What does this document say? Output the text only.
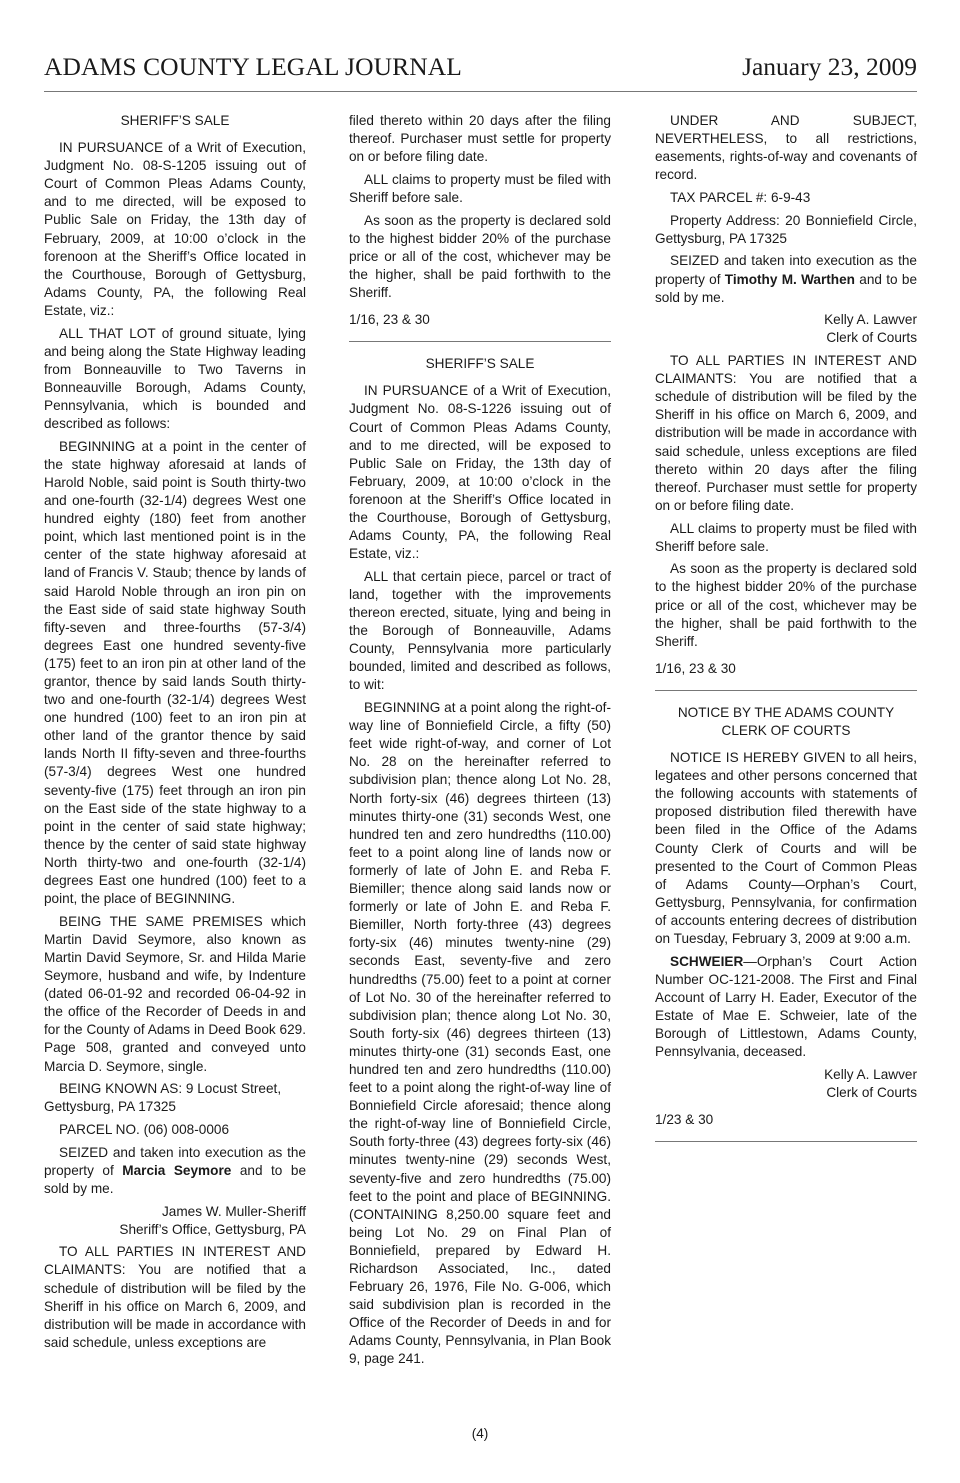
ADAMS COUNTY LEGAL JOURNAL	January 23, 2009
SHERIFF’S SALE

IN PURSUANCE of a Writ of Execution, Judgment No. 08-S-1205 issuing out of Court of Common Pleas Adams County, and to me directed, will be exposed to Public Sale on Friday, the 13th day of February, 2009, at 10:00 o’clock in the forenoon at the Sheriff’s Office located in the Courthouse, Borough of Gettysburg, Adams County, PA, the following Real Estate, viz.:

ALL THAT LOT of ground situate, lying and being along the State Highway leading from Bonneauville to Two Taverns in Bonneauville Borough, Adams County, Pennsylvania, which is bounded and described as follows:

BEGINNING at a point in the center of the state highway aforesaid at lands of Harold Noble, said point is South thirty-two and one-fourth (32-1/4) degrees West one hundred eighty (180) feet from another point, which last mentioned point is in the center of the state highway aforesaid at land of Francis V. Staub; thence by lands of said Harold Noble through an iron pin on the East side of said state highway South fifty-seven and three-fourths (57-3/4) degrees East one hundred seventy-five (175) feet to an iron pin at other land of the grantor, thence by said lands South thirty-two and one-fourth (32-1/4) degrees West one hundred (100) feet to an iron pin at other land of the grantor thence by said lands North II fifty-seven and three-fourths (57-3/4) degrees West one hundred seventy-five (175) feet through an iron pin on the East side of the state highway to a point in the center of said state highway; thence by the center of said state highway North thirty-two and one-fourth (32-1/4) degrees East one hundred (100) feet to a point, the place of BEGINNING.

BEING THE SAME PREMISES which Martin David Seymore, also known as Martin David Seymore, Sr. and Hilda Marie Seymore, husband and wife, by Indenture (dated 06-01-92 and recorded 06-04-92 in the office of the Recorder of Deeds in and for the County of Adams in Deed Book 629. Page 508, granted and conveyed unto Marcia D. Seymore, single.

BEING KNOWN AS: 9 Locust Street, Gettysburg, PA 17325

PARCEL NO. (06) 008-0006

SEIZED and taken into execution as the property of Marcia Seymore and to be sold by me.

James W. Muller-Sheriff
Sheriff’s Office, Gettysburg, PA

TO ALL PARTIES IN INTEREST AND CLAIMANTS: You are notified that a schedule of distribution will be filed by the Sheriff in his office on March 6, 2009, and distribution will be made in accordance with said schedule, unless exceptions are

filed thereto within 20 days after the filing thereof. Purchaser must settle for property on or before filing date.

ALL claims to property must be filed with Sheriff before sale.

As soon as the property is declared sold to the highest bidder 20% of the purchase price or all of the cost, whichever may be the higher, shall be paid forthwith to the Sheriff.

1/16, 23 & 30
SHERIFF’S SALE

IN PURSUANCE of a Writ of Execution, Judgment No. 08-S-1226 issuing out of Court of Common Pleas Adams County, and to me directed, will be exposed to Public Sale on Friday, the 13th day of February, 2009, at 10:00 o’clock in the forenoon at the Sheriff’s Office located in the Courthouse, Borough of Gettysburg, Adams County, PA, the following Real Estate, viz.:

ALL that certain piece, parcel or tract of land, together with the improvements thereon erected, situate, lying and being in the Borough of Bonneauville, Adams County, Pennsylvania more particularly bounded, limited and described as follows, to wit:

BEGINNING at a point along the right-of-way line of Bonniefield Circle, a fifty (50) feet wide right-of-way, and corner of Lot No. 28 on the hereinafter referred to subdivision plan; thence along Lot No. 28, North forty-six (46) degrees thirteen (13) minutes thirty-one (31) seconds West, one hundred ten and zero hundredths (110.00) feet to a point along line of lands now or formerly of late of John E. and Reba F. Biemiller; thence along said lands now or formerly or late of John E. and Reba F. Biemiller, North forty-three (43) degrees forty-six (46) minutes twenty-nine (29) seconds East, seventy-five and zero hundredths (75.00) feet to a point at corner of Lot No. 30 of the hereinafter referred to subdivision plan; thence along Lot No. 30, South forty-six (46) degrees thirteen (13) minutes thirty-one (31) seconds East, one hundred ten and zero hundredths (110.00) feet to a point along the right-of-way line of Bonniefield Circle aforesaid; thence along the right-of-way line of Bonniefield Circle, South forty-three (43) degrees forty-six (46) minutes twenty-nine (29) seconds West, seventy-five and zero hundredths (75.00) feet to the point and place of BEGINNING. (CONTAINING 8,250.00 square feet and being Lot No. 29 on Final Plan of Bonniefield, prepared by Edward H. Richardson Associated, Inc., dated February 26, 1976, File No. G-006, which said subdivision plan is recorded in the Office of the Recorder of Deeds in and for Adams County, Pennsylvania, in Plan Book 9, page 241.

UNDER AND SUBJECT, NEVERTHELESS, to all restrictions, easements, rights-of-way and covenants of record.

TAX PARCEL #: 6-9-43

Property Address: 20 Bonniefield Circle, Gettysburg, PA 17325

SEIZED and taken into execution as the property of Timothy M. Warthen and to be sold by me.

Kelly A. Lawver
Clerk of Courts

TO ALL PARTIES IN INTEREST AND CLAIMANTS: You are notified that a schedule of distribution will be filed by the Sheriff in his office on March 6, 2009, and distribution will be made in accordance with said schedule, unless exceptions are filed thereto within 20 days after the filing thereof. Purchaser must settle for property on or before filing date.

ALL claims to property must be filed with Sheriff before sale.

As soon as the property is declared sold to the highest bidder 20% of the purchase price or all of the cost, whichever may be the higher, shall be paid forthwith to the Sheriff.

1/16, 23 & 30
NOTICE BY THE ADAMS COUNTY
CLERK OF COURTS

NOTICE IS HEREBY GIVEN to all heirs, legatees and other persons concerned that the following accounts with statements of proposed distribution filed therewith have been filed in the Office of the Adams County Clerk of Courts and will be presented to the Court of Common Pleas of Adams County—Orphan’s Court, Gettysburg, Pennsylvania, for confirmation of accounts entering decrees of distribution on Tuesday, February 3, 2009 at 9:00 a.m.

SCHWEIER—Orphan’s Court Action Number OC-121-2008. The First and Final Account of Larry H. Eader, Executor of the Estate of Mae E. Schweier, late of the Borough of Littlestown, Adams County, Pennsylvania, deceased.

Kelly A. Lawver
Clerk of Courts
1/23 & 30
(4)
